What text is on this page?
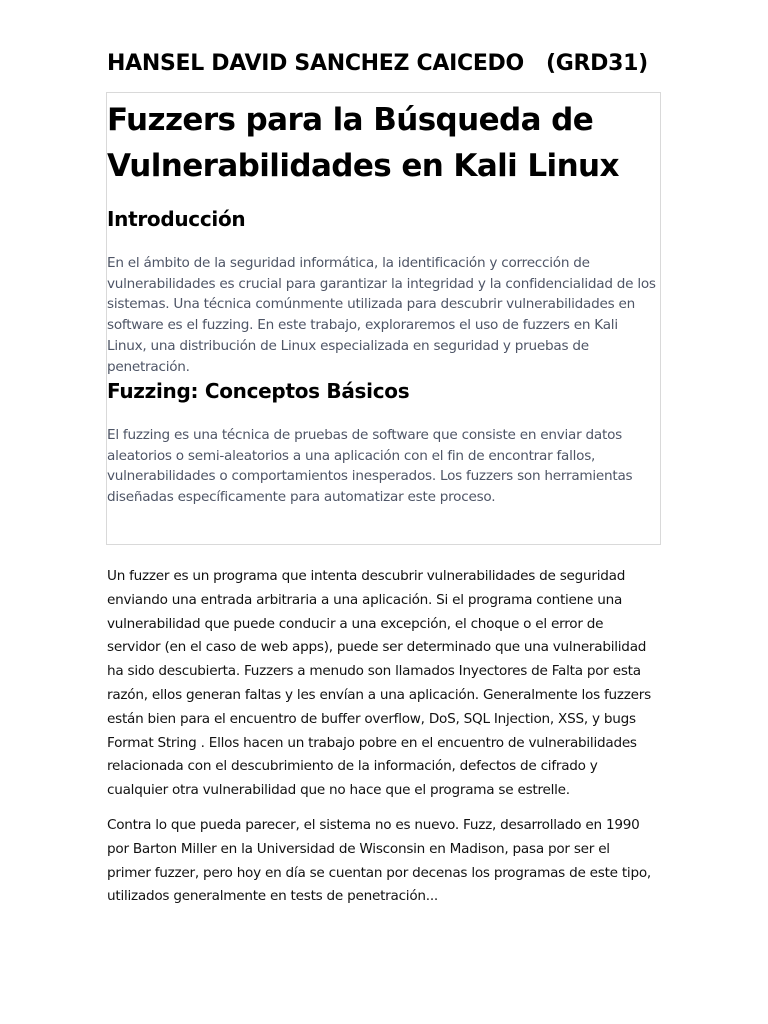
HANSEL DAVID SANCHEZ CAICEDO   (GRD31)
Fuzzers para la Búsqueda de Vulnerabilidades en Kali Linux
Introducción

En el ámbito de la seguridad informática, la identificación y corrección de vulnerabilidades es crucial para garantizar la integridad y la confidencialidad de los sistemas. Una técnica comúnmente utilizada para descubrir vulnerabilidades en software es el fuzzing. En este trabajo, exploraremos el uso de fuzzers en Kali Linux, una distribución de Linux especializada en seguridad y pruebas de penetración.

Fuzzing: Conceptos Básicos

El fuzzing es una técnica de pruebas de software que consiste en enviar datos aleatorios o semi-aleatorios a una aplicación con el fin de encontrar fallos, vulnerabilidades o comportamientos inesperados. Los fuzzers son herramientas diseñadas específicamente para automatizar este proceso.

Un fuzzer es un programa que intenta descubrir vulnerabilidades de seguridad enviando una entrada arbitraria a una aplicación. Si el programa contiene una vulnerabilidad que puede conducir a una excepción, el choque o el error de servidor (en el caso de web apps), puede ser determinado que una vulnerabilidad ha sido descubierta. Fuzzers a menudo son llamados Inyectores de Falta por esta razón, ellos generan faltas y les envían a una aplicación. Generalmente los fuzzers están bien para el encuentro de buffer overflow, DoS, SQL Injection, XSS, y bugs Format String . Ellos hacen un trabajo pobre en el encuentro de vulnerabilidades relacionada con el descubrimiento de la información, defectos de cifrado y cualquier otra vulnerabilidad que no hace que el programa se estrelle.

Contra lo que pueda parecer, el sistema no es nuevo. Fuzz, desarrollado en 1990 por Barton Miller en la Universidad de Wisconsin en Madison, pasa por ser el primer fuzzer, pero hoy en día se cuentan por decenas los programas de este tipo, utilizados generalmente en tests de penetración...
